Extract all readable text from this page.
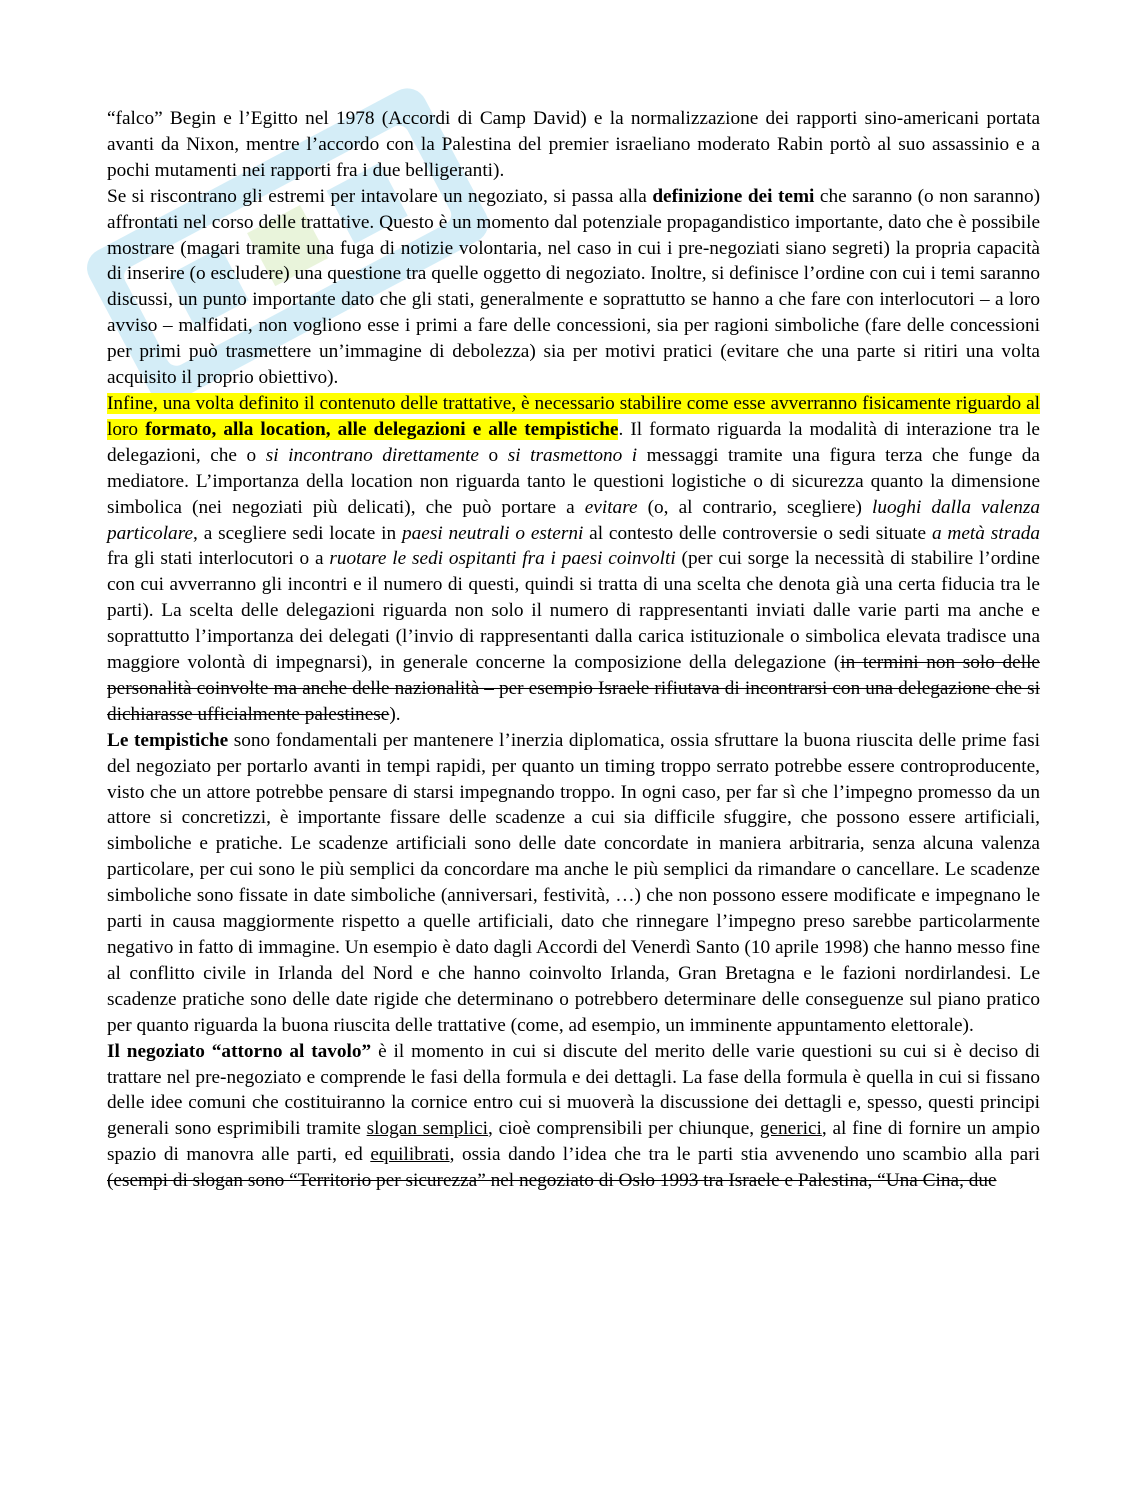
“falco” Begin e l’Egitto nel 1978 (Accordi di Camp David) e la normalizzazione dei rapporti sino-americani portata avanti da Nixon, mentre l’accordo con la Palestina del premier israeliano moderato Rabin portò al suo assassinio e a pochi mutamenti nei rapporti fra i due belligeranti).

Se si riscontrano gli estremi per intavolare un negoziato, si passa alla definizione dei temi che saranno (o non saranno) affrontati nel corso delle trattative. Questo è un momento dal potenziale propagandistico importante, dato che è possibile mostrare (magari tramite una fuga di notizie volontaria, nel caso in cui i pre-negoziati siano segreti) la propria capacità di inserire (o escludere) una questione tra quelle oggetto di negoziato. Inoltre, si definisce l’ordine con cui i temi saranno discussi, un punto importante dato che gli stati, generalmente e soprattutto se hanno a che fare con interlocutori – a loro avviso – malfidati, non vogliono esse i primi a fare delle concessioni, sia per ragioni simboliche (fare delle concessioni per primi può trasmettere un’immagine di debolezza) sia per motivi pratici (evitare che una parte si ritiri una volta acquisito il proprio obiettivo).

Infine, una volta definito il contenuto delle trattative, è necessario stabilire come esse avverranno fisicamente riguardo al loro formato, alla location, alle delegazioni e alle tempistiche. Il formato riguarda la modalità di interazione tra le delegazioni, che o si incontrano direttamente o si trasmettono i messaggi tramite una figura terza che funge da mediatore. L’importanza della location non riguarda tanto le questioni logistiche o di sicurezza quanto la dimensione simbolica (nei negoziati più delicati), che può portare a evitare (o, al contrario, scegliere) luoghi dalla valenza particolare, a scegliere sedi locate in paesi neutrali o esterni al contesto delle controversie o sedi situate a metà strada fra gli stati interlocutori o a ruotare le sedi ospitanti fra i paesi coinvolti (per cui sorge la necessità di stabilire l’ordine con cui avverranno gli incontri e il numero di questi, quindi si tratta di una scelta che denota già una certa fiducia tra le parti). La scelta delle delegazioni riguarda non solo il numero di rappresentanti inviati dalle varie parti ma anche e soprattutto l’importanza dei delegati (l’invio di rappresentanti dalla carica istituzionale o simbolica elevata tradisce una maggiore volontà di impegnarsi), in generale concerne la composizione della delegazione (in termini non solo delle personalità coinvolte ma anche delle nazionalità – per esempio Israele rifiutava di incontrarsi con una delegazione che si dichiarasse ufficialmente palestinese).

Le tempistiche sono fondamentali per mantenere l’inerzia diplomatica, ossia sfruttare la buona riuscita delle prime fasi del negoziato per portarlo avanti in tempi rapidi, per quanto un timing troppo serrato potrebbe essere controproducente, visto che un attore potrebbe pensare di starsi impegnando troppo. In ogni caso, per far sì che l’impegno promesso da un attore si concretizzi, è importante fissare delle scadenze a cui sia difficile sfuggire, che possono essere artificiali, simboliche e pratiche. Le scadenze artificiali sono delle date concordate in maniera arbitraria, senza alcuna valenza particolare, per cui sono le più semplici da concordare ma anche le più semplici da rimandare o cancellare. Le scadenze simboliche sono fissate in date simboliche (anniversari, festività, …) che non possono essere modificate e impegnano le parti in causa maggiormente rispetto a quelle artificiali, dato che rinnegare l’impegno preso sarebbe particolarmente negativo in fatto di immagine. Un esempio è dato dagli Accordi del Venerdì Santo (10 aprile 1998) che hanno messo fine al conflitto civile in Irlanda del Nord e che hanno coinvolto Irlanda, Gran Bretagna e le fazioni nordirlandesi. Le scadenze pratiche sono delle date rigide che determinano o potrebbero determinare delle conseguenze sul piano pratico per quanto riguarda la buona riuscita delle trattative (come, ad esempio, un imminente appuntamento elettorale).

Il negoziato “attorno al tavolo” è il momento in cui si discute del merito delle varie questioni su cui si è deciso di trattare nel pre-negoziato e comprende le fasi della formula e dei dettagli. La fase della formula è quella in cui si fissano delle idee comuni che costituiranno la cornice entro cui si muoverà la discussione dei dettagli e, spesso, questi principi generali sono esprimibili tramite slogan semplici, cioè comprensibili per chiunque, generici, al fine di fornire un ampio spazio di manovra alle parti, ed equilibrati, ossia dando l’idea che tra le parti stia avvenendo uno scambio alla pari (esempi di slogan sono “Territorio per sicurezza” nel negoziato di Oslo 1993 tra Israele e Palestina, “Una Cina, due
